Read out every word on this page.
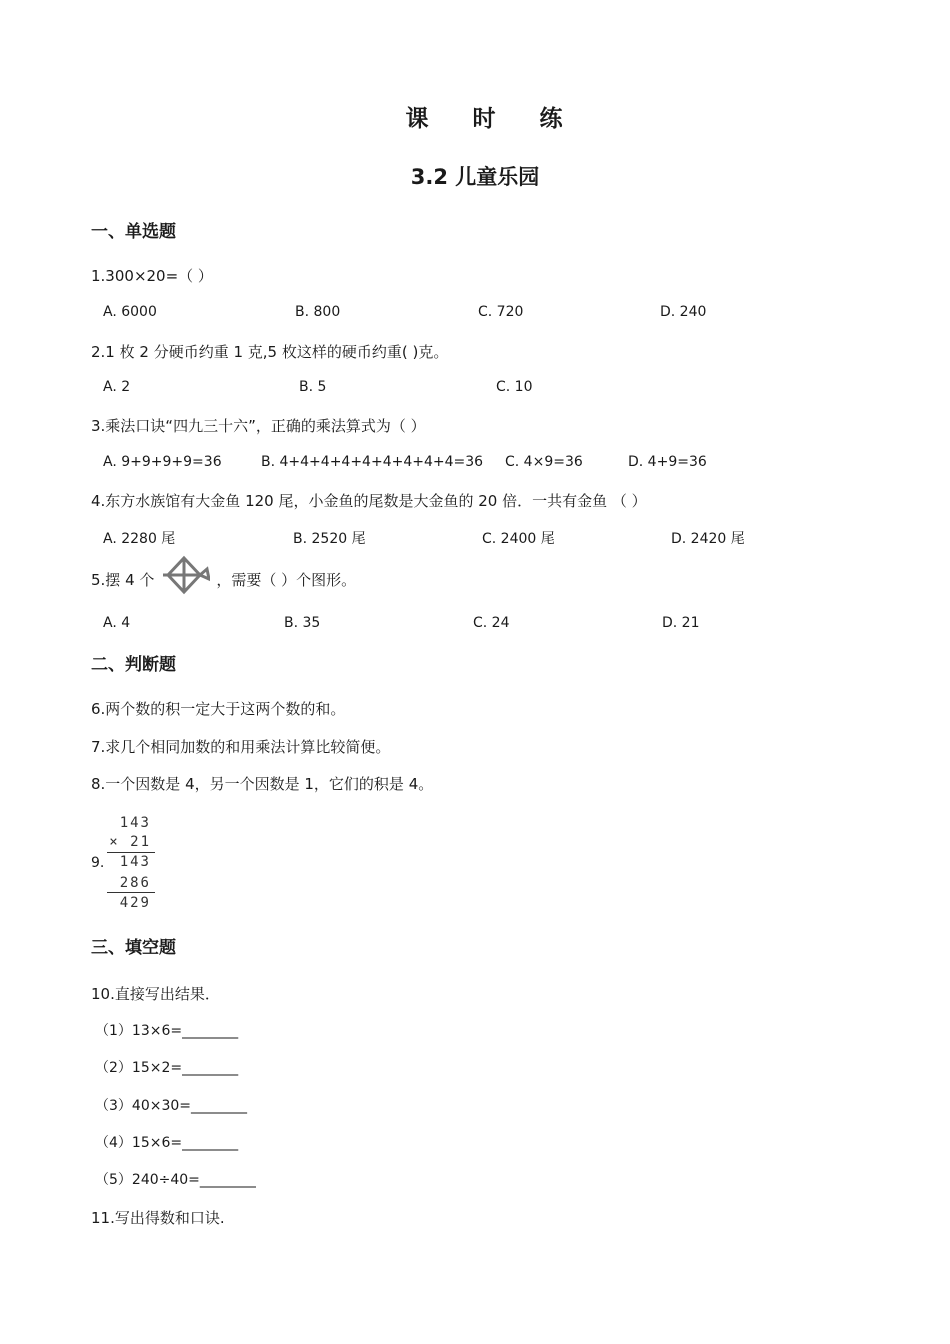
课 时 练
3.2 儿童乐园
一、单选题
1.300×20=（ ）
A. 6000	B. 800	C. 720	D. 240
2.1 枚 2 分硬币约重 1 克,5 枚这样的硬币约重( )克。
A. 2	B. 5	C. 10
3.乘法口诀“四九三十六”，正确的乘法算式为（ ）
A. 9+9+9+9=36	B. 4+4+4+4+4+4+4+4+4=36 C. 4×9=36	D. 4+9=36
4.东方水族馆有大金鱼 120 尾，小金鱼的尾数是大金鱼的 20 倍．一共有金鱼 （ ）
A. 2280 尾	B. 2520 尾	C. 2400 尾	D. 2420 尾
5.摆 4 个	，需要（ ）个图形。
A. 4	B. 35	C. 24	D. 21
二、判断题
6.两个数的积一定大于这两个数的和。
7.求几个相同加数的和用乘法计算比较简便。
8.一个因数是 4，另一个因数是 1，它们的积是 4。
9.
143
× 21
143
286
429
三、填空题
10.直接写出结果．
（1）13×6=________
（2）15×2=________
（3）40×30=________
（4）15×6=________
（5）240÷40=________
11.写出得数和口诀.
